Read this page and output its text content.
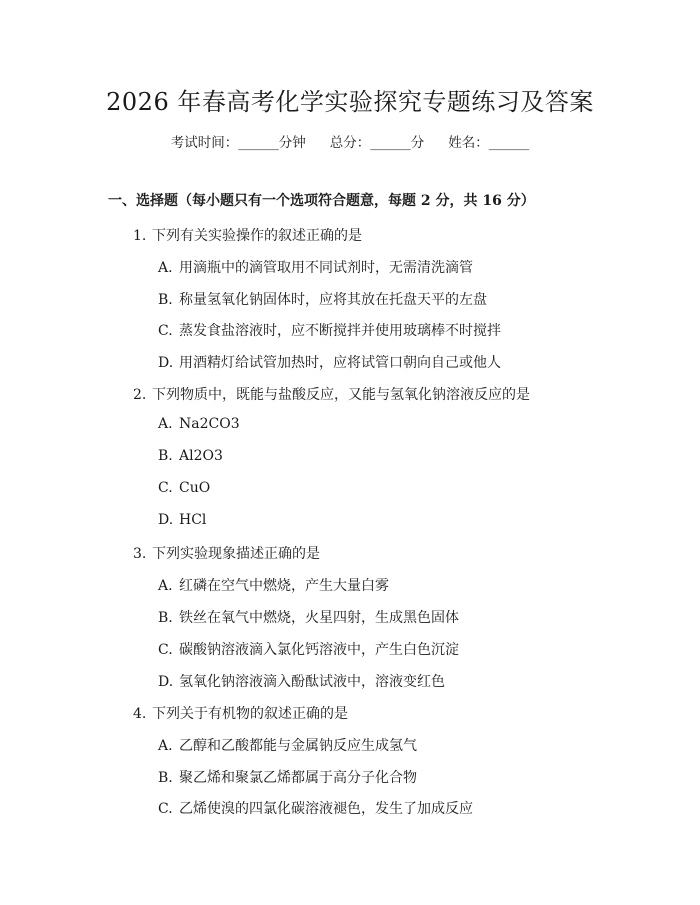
2026 年春高考化学实验探究专题练习及答案
考试时间：______分钟 总分：______分 姓名：______
一、选择题（每小题只有一个选项符合题意，每题 2 分，共 16 分）
1. 下列有关实验操作的叙述正确的是
A. 用滴瓶中的滴管取用不同试剂时，无需清洗滴管
B. 称量氢氧化钠固体时，应将其放在托盘天平的左盘
C. 蒸发食盐溶液时，应不断搅拌并使用玻璃棒不时搅拌
D. 用酒精灯给试管加热时，应将试管口朝向自己或他人
2. 下列物质中，既能与盐酸反应，又能与氢氧化钠溶液反应的是
A. Na2CO3
B. Al2O3
C. CuO
D. HCl
3. 下列实验现象描述正确的是
A. 红磷在空气中燃烧，产生大量白雾
B. 铁丝在氧气中燃烧，火星四射，生成黑色固体
C. 碳酸钠溶液滴入氯化钙溶液中，产生白色沉淀
D. 氢氧化钠溶液滴入酚酞试液中，溶液变红色
4. 下列关于有机物的叙述正确的是
A. 乙醇和乙酸都能与金属钠反应生成氢气
B. 聚乙烯和聚氯乙烯都属于高分子化合物
C. 乙烯使溴的四氯化碳溶液褪色，发生了加成反应
